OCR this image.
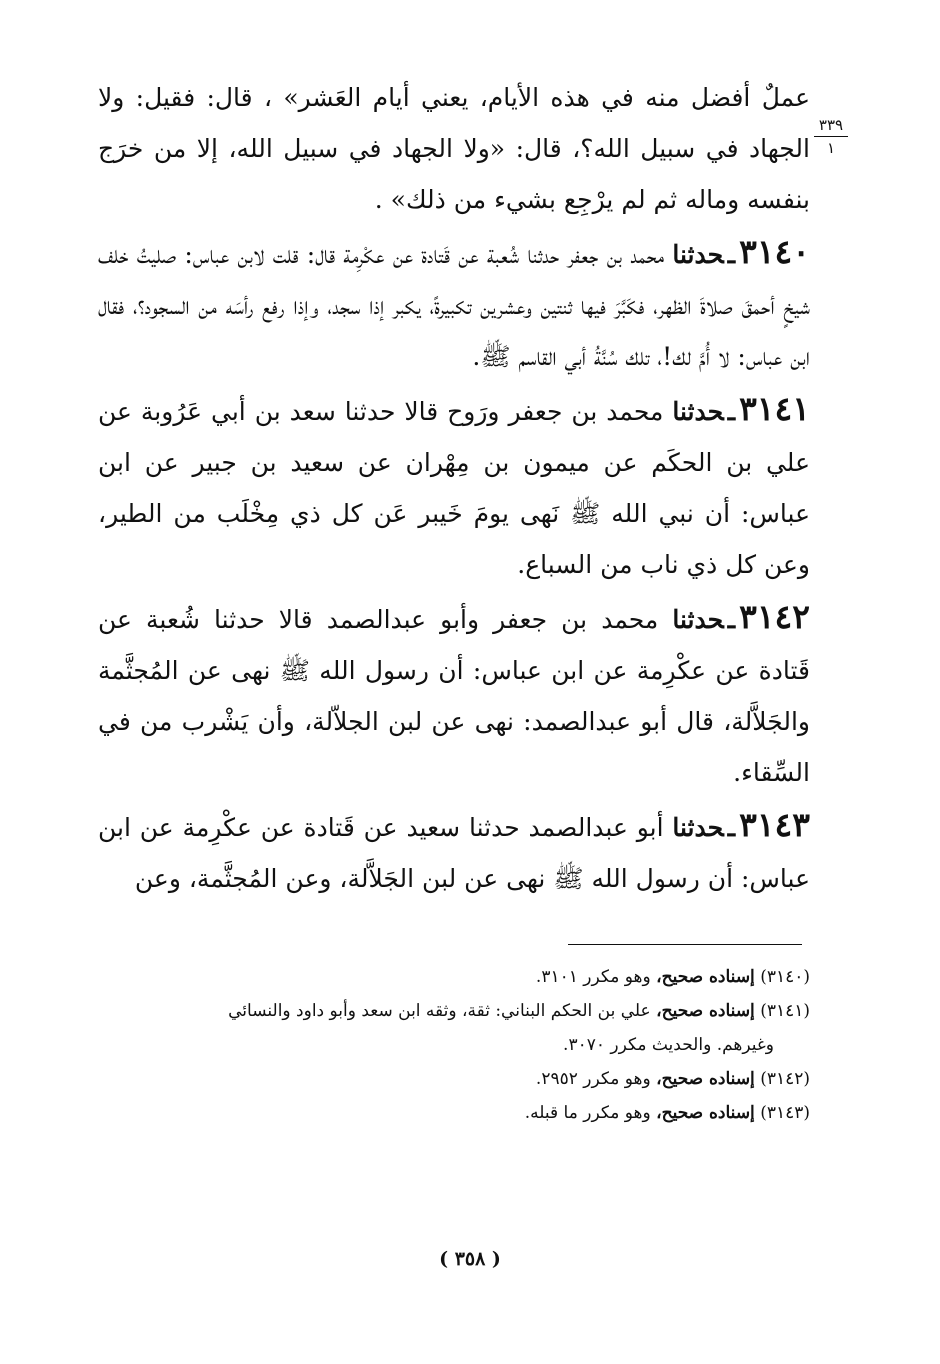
٣٣٩
١

عملٌ أفضل منه في هذه الأيام، يعني أيام العَشر» ، قال: فقيل: ولا الجهاد في سبيل الله؟، قال: «ولا الجهاد في سبيل الله، إلا من خرَج بنفسه وماله ثم لم يرْجِع بشيء من ذلك» .

٣١٤٠ـحدثنا محمد بن جعفر حدثنا شُعبة عن قَتادة عن عكْرِمة قال: قلت لابن عباس: صليتُ خلف شيخٍ أحمقَ صلاةَ الظهر، فكَبَّرَ فيها ثنتين وعشرين تكبيرةً، يكبر إذا سجد، وإذا رفع رأسَه من السجود؟، فقال ابن عباس: لا أُمَّ لك!، تلك سُنَّةُ أبي القاسم ﷺ.

٣١٤١ـحدثنا محمد بن جعفر ورَوح قالا حدثنا سعد بن أبي عَرُوبة عن علي بن الحكَم عن ميمون بن مِهْران عن سعيد بن جبير عن ابن عباس: أن نبي الله ﷺ نَهى يومَ خَيبر عَن كل ذي مِخْلَب من الطير، وعن كل ذي ناب من السباع.

٣١٤٢ـحدثنا محمد بن جعفر وأبو عبدالصمد قالا حدثنا شُعبة عن قَتادة عن عكْرِمة عن ابن عباس: أن رسول الله ﷺ نهى عن المُجثَّمة والجَلاَّلة، قال أبو عبدالصمد: نهى عن لبن الجلاّلة، وأن يَشْرب من في السِّقاء.

٣١٤٣ـحدثنا أبو عبدالصمد حدثنا سعيد عن قَتادة عن عكْرِمة عن ابن عباس: أن رسول الله ﷺ نهى عن لبن الجَلاَّلة، وعن المُجثَّمة، وعن

(٣١٤٠) إسناده صحيح، وهو مكرر ٣١٠١.

(٣١٤١) إسناده صحيح، علي بن الحكم البناني: ثقة، وثقه ابن سعد وأبو داود والنسائي

وغيرهم. والحديث مكرر ٣٠٧٠.

(٣١٤٢) إسناده صحيح، وهو مكرر ٢٩٥٢.

(٣١٤٣) إسناده صحيح، وهو مكرر ما قبله.

( ٣٥٨ )
